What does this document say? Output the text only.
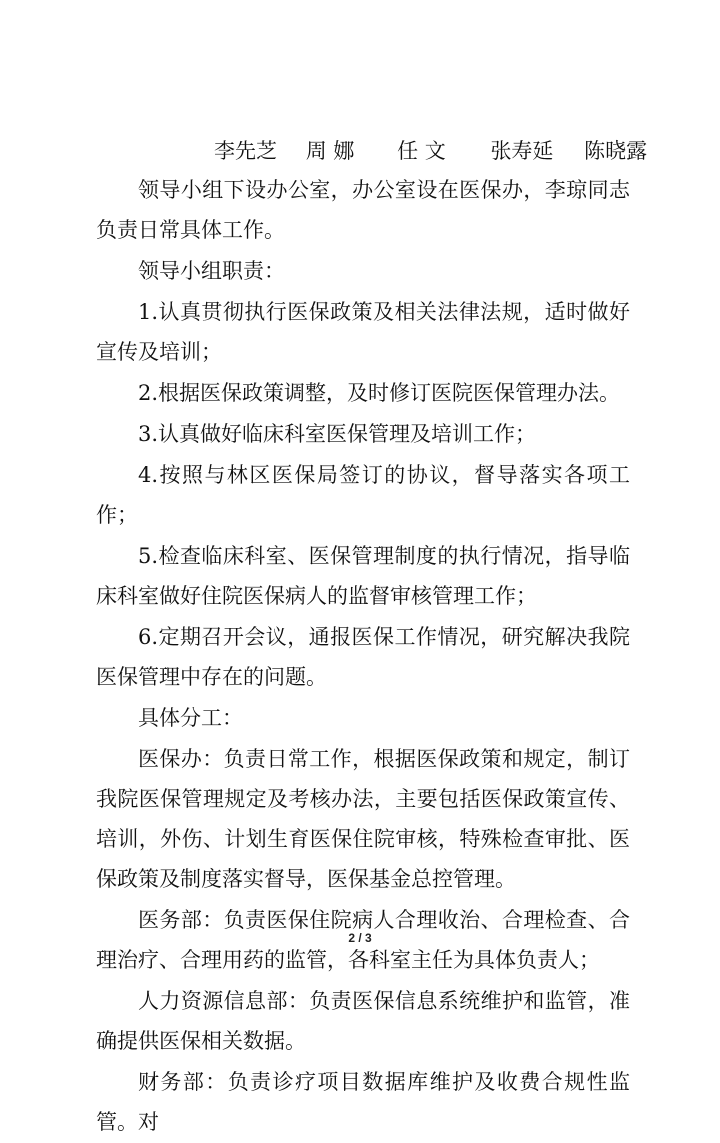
李先芝 周 娜 任 文 张寿延 陈晓露

领导小组下设办公室，办公室设在医保办，李琼同志负责日常具体工作。

领导小组职责：

1.认真贯彻执行医保政策及相关法律法规，适时做好宣传及培训；

2.根据医保政策调整，及时修订医院医保管理办法。

3.认真做好临床科室医保管理及培训工作；

4.按照与林区医保局签订的协议，督导落实各项工作；

5.检查临床科室、医保管理制度的执行情况，指导临床科室做好住院医保病人的监督审核管理工作；

6.定期召开会议，通报医保工作情况，研究解决我院医保管理中存在的问题。

具体分工：

医保办：负责日常工作，根据医保政策和规定，制订我院医保管理规定及考核办法，主要包括医保政策宣传、培训，外伤、计划生育医保住院审核，特殊检查审批、医保政策及制度落实督导，医保基金总控管理。

医务部：负责医保住院病人合理收治、合理检查、合理治疗、合理用药的监管，各科室主任为具体负责人；

人力资源信息部：负责医保信息系统维护和监管，准确提供医保相关数据。

财务部：负责诊疗项目数据库维护及收费合规性监管。对

2 / 3
